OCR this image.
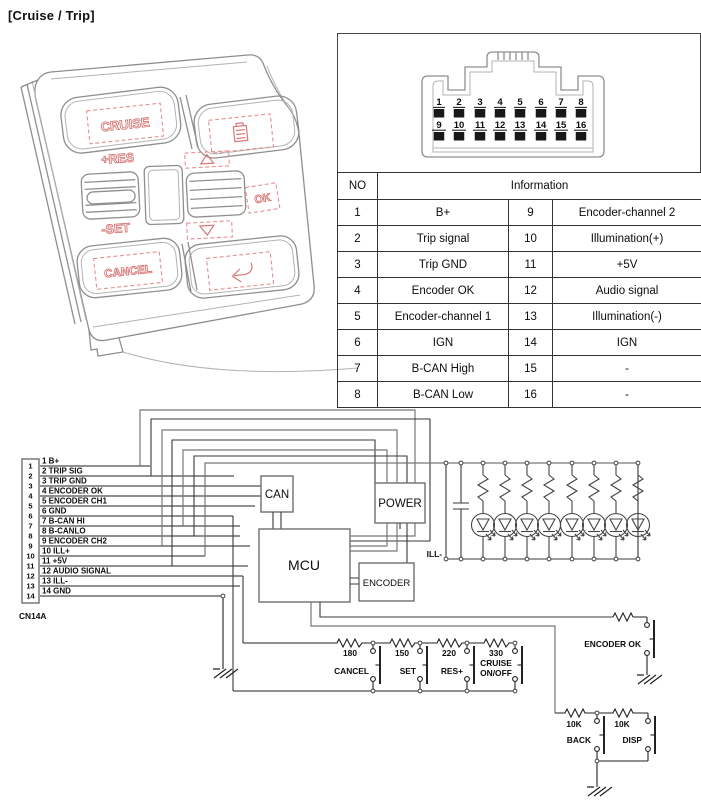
[Cruise / Trip]
CRUISE
+RES
OK
-SET
CANCEL
1 2 3 4 5 6 7 8
9 10 11 12 13 14 15 16
NO	Information		
1	B+	9	Encoder-channel 2
2	Trip signal	10	Illumination(+)
3	Trip GND	11	+5V
4	Encoder OK	12	Audio signal
5	Encoder-channel 1	13	Illumination(-)
6	IGN	14	IGN
7	B-CAN High	15	-
8	B-CAN Low	16	-
1
2
3
4
5
6
7
8
9
10
11
12
13
14
CN14A
1 B+
2 TRIP SIG
3 TRIP GND
4 ENCODER OK
5 ENCODER CH1
6 GND
7 B-CAN HI
8 B-CANLO
9 ENCODER CH2
10 ILL+
11 +5V
12 AUDIO SIGNAL
13 ILL-
14 GND
CAN
POWER
MCU
ENCODER
ENCODER OK
180	150	220	330
CANCEL	SET	RES+
CRUISE
ON/OFF
10K	10K
BACK	DISP
ILL-
